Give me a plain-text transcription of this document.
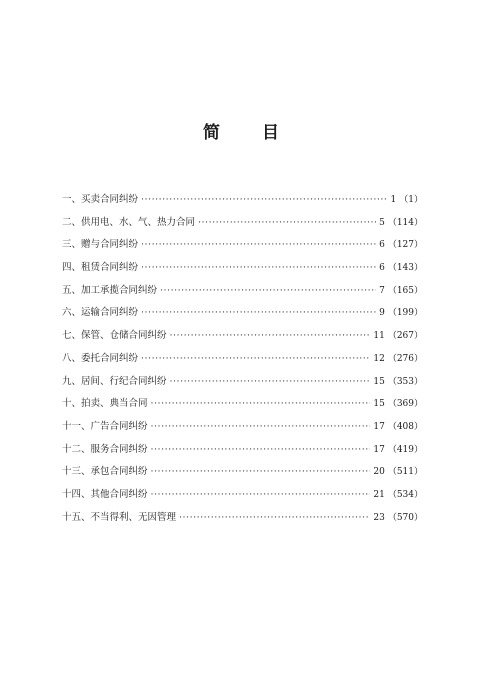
简 目
一、买卖合同纠纷 ·····	1 （1）
二、供用电、水、气、热力合同 ·····	5 （114）
三、赠与合同纠纷 ·····	6 （127）
四、租赁合同纠纷 ·····	6 （143）
五、加工承揽合同纠纷 ·····	7 （165）
六、运输合同纠纷 ·····	9 （199）
七、保管、仓储合同纠纷 ·····	11 （267）
八、委托合同纠纷 ·····	12 （276）
九、居间、行纪合同纠纷 ·····	15 （353）
十、拍卖、典当合同 ·····	15 （369）
十一、广告合同纠纷 ·····	17 （408）
十二、服务合同纠纷 ·····	17 （419）
十三、承包合同纠纷 ·····	20 （511）
十四、其他合同纠纷 ·····	21 （534）
十五、不当得利、无因管理 ·····	23 （570）
